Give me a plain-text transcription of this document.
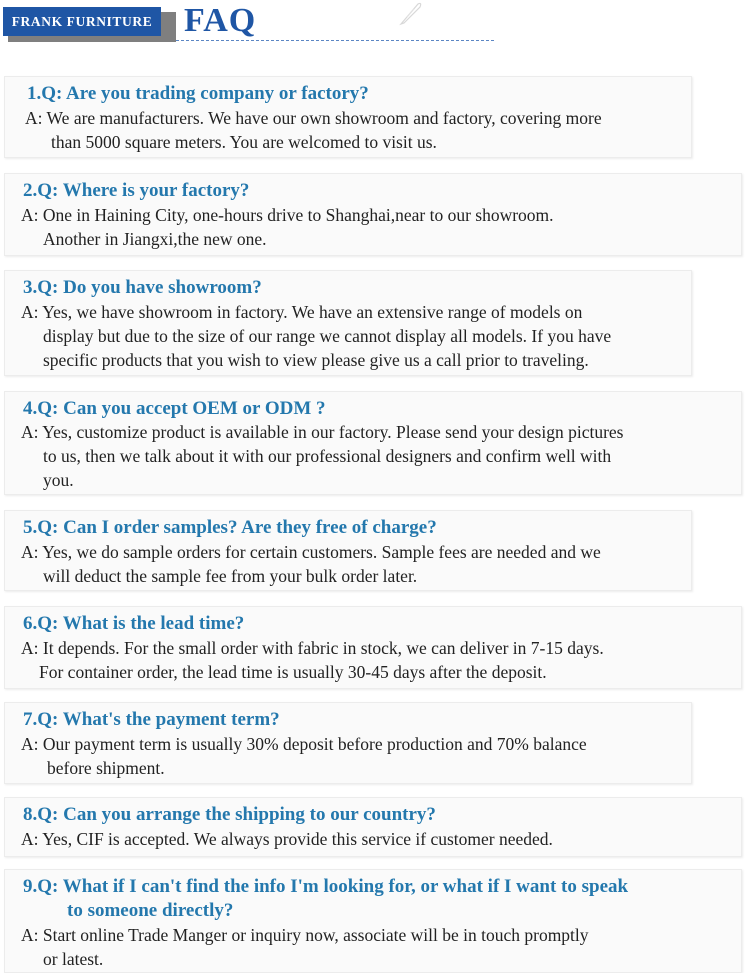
FRANK FURNITURE FAQ
1.Q: Are you trading company or factory?
A: We are manufacturers. We have our own showroom and factory, covering more
than 5000 square meters. You are welcomed to visit us.
2.Q: Where is your factory?
A: One in Haining City, one-hours drive to Shanghai,near to our showroom.
Another in Jiangxi,the new one.
3.Q: Do you have showroom?
A: Yes, we have showroom in factory. We have an extensive range of models on
display but due to the size of our range we cannot display all models. If you have
specific products that you wish to view please give us a call prior to traveling.
4.Q: Can you accept OEM or ODM ?
A: Yes, customize product is available in our factory. Please send your design pictures
to us, then we talk about it with our professional designers and confirm well with
you.
5.Q: Can I order samples? Are they free of charge?
A: Yes, we do sample orders for certain customers. Sample fees are needed and we
will deduct the sample fee from your bulk order later.
6.Q: What is the lead time?
A: It depends. For the small order with fabric in stock, we can deliver in 7-15 days.
For container order, the lead time is usually 30-45 days after the deposit.
7.Q: What's the payment term?
A: Our payment term is usually 30% deposit before production and 70% balance
before shipment.
8.Q: Can you arrange the shipping to our country?
A: Yes, CIF is accepted. We always provide this service if customer needed.
9.Q: What if I can't find the info I'm looking for, or what if I want to speak
to someone directly?
A: Start online Trade Manger or inquiry now, associate will be in touch promptly
or latest.
